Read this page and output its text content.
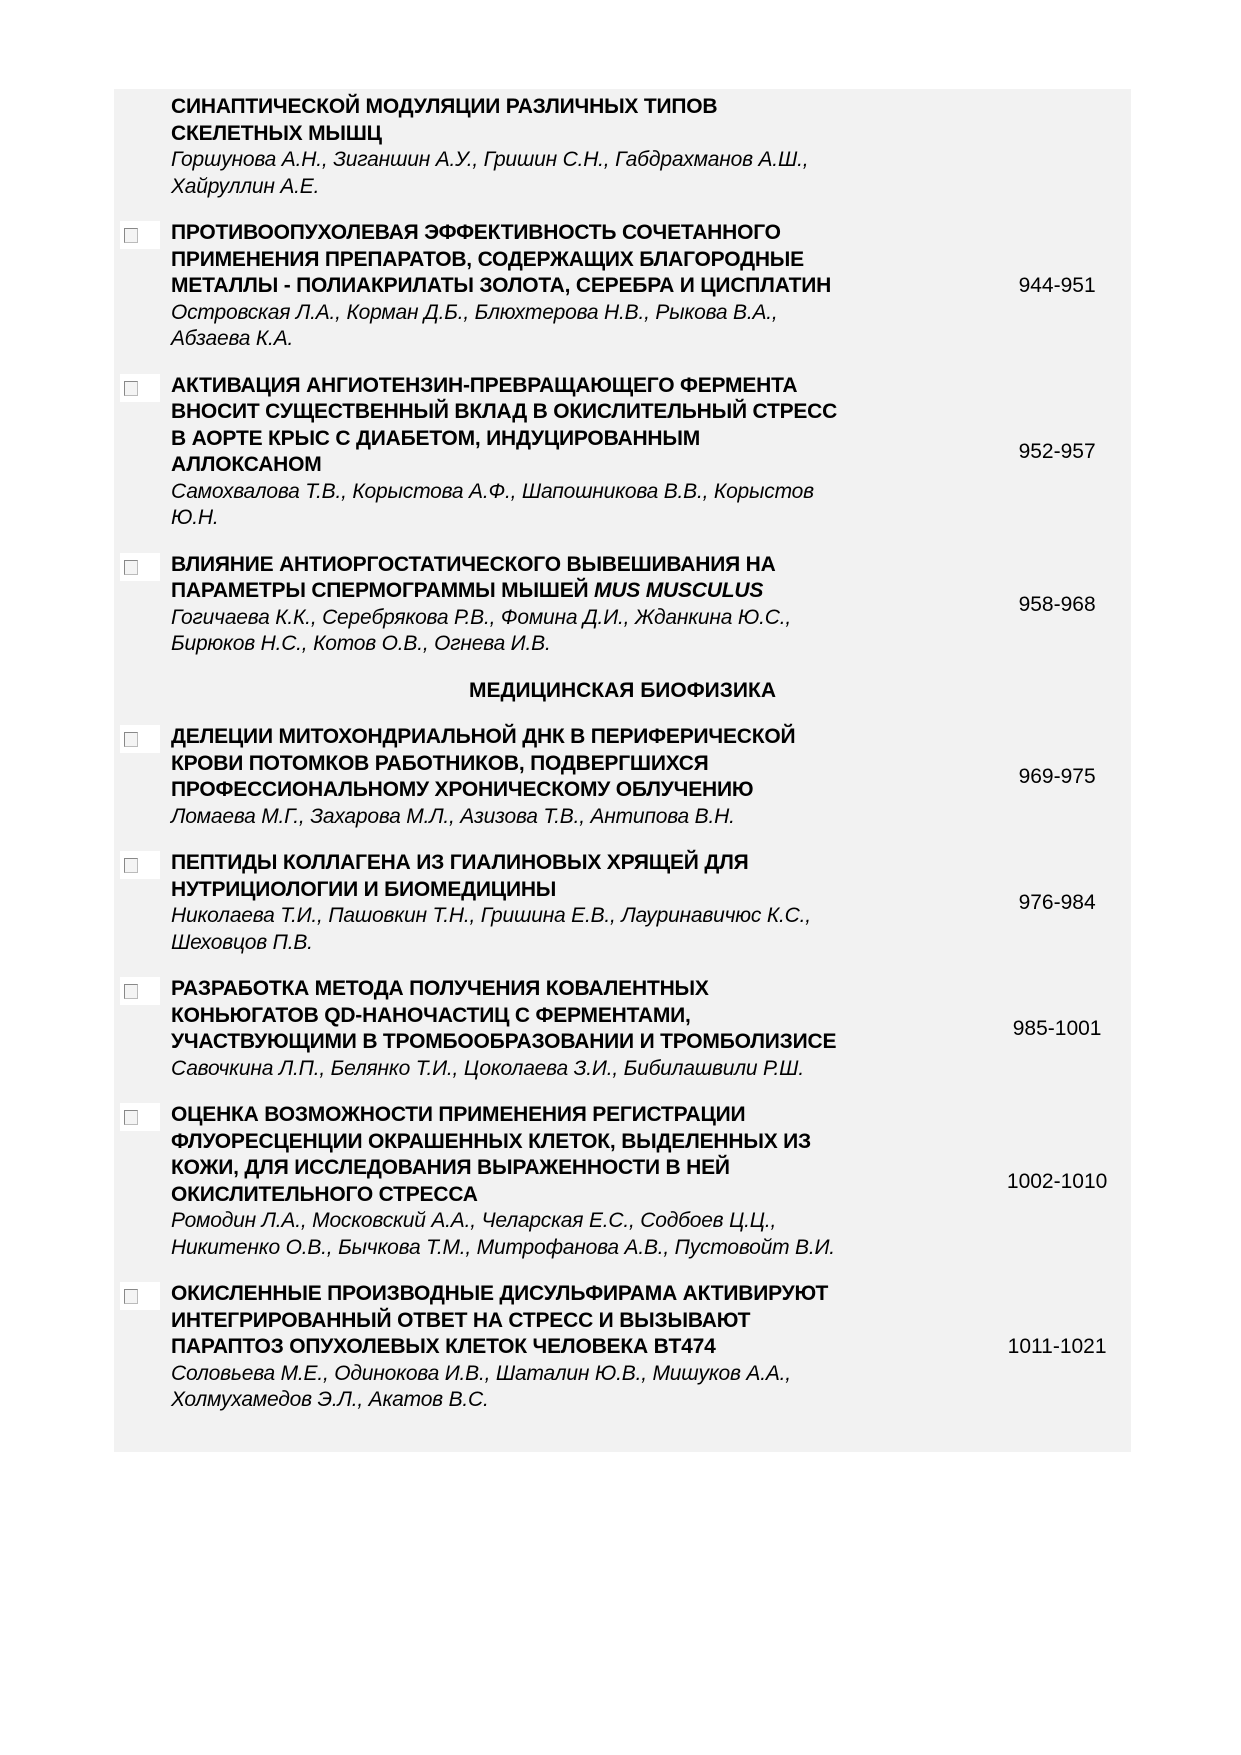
СИНАПТИЧЕСКОЙ МОДУЛЯЦИИ РАЗЛИЧНЫХ ТИПОВ
СКЕЛЕТНЫХ МЫШЦ
Горшунова А.Н., Зиганшин А.У., Гришин С.Н., Габдрахманов А.Ш.,
Хайруллин А.Е.
ПРОТИВООПУХОЛЕВАЯ ЭФФЕКТИВНОСТЬ СОЧЕТАННОГО
ПРИМЕНЕНИЯ ПРЕПАРАТОВ, СОДЕРЖАЩИХ БЛАГОРОДНЫЕ
МЕТАЛЛЫ - ПОЛИАКРИЛАТЫ ЗОЛОТА, СЕРЕБРА И ЦИСПЛАТИН
Островская Л.А., Корман Д.Б., Блюхтерова Н.В., Рыкова В.А.,
Абзаева К.А.
944-951
АКТИВАЦИЯ АНГИОТЕНЗИН-ПРЕВРАЩАЮЩЕГО ФЕРМЕНТА
ВНОСИТ СУЩЕСТВЕННЫЙ ВКЛАД В ОКИСЛИТЕЛЬНЫЙ СТРЕСС
В АОРТЕ КРЫС С ДИАБЕТОМ, ИНДУЦИРОВАННЫМ
АЛЛОКСАНОМ
Самохвалова Т.В., Корыстова А.Ф., Шапошникова В.В., Корыстов
Ю.Н.
952-957
ВЛИЯНИЕ АНТИОРГОСТАТИЧЕСКОГО ВЫВЕШИВАНИЯ НА
ПАРАМЕТРЫ СПЕРМОГРАММЫ МЫШЕЙ MUS MUSCULUS
Гогичаева К.К., Серебрякова Р.В., Фомина Д.И., Жданкина Ю.С.,
Бирюков Н.С., Котов О.В., Огнева И.В.
958-968
МЕДИЦИНСКАЯ БИОФИЗИКА
ДЕЛЕЦИИ МИТОХОНДРИАЛЬНОЙ ДНК В ПЕРИФЕРИЧЕСКОЙ
КРОВИ ПОТОМКОВ РАБОТНИКОВ, ПОДВЕРГШИХСЯ
ПРОФЕССИОНАЛЬНОМУ ХРОНИЧЕСКОМУ ОБЛУЧЕНИЮ
Ломаева М.Г., Захарова М.Л., Азизова Т.В., Антипова В.Н.
969-975
ПЕПТИДЫ КОЛЛАГЕНА ИЗ ГИАЛИНОВЫХ ХРЯЩЕЙ ДЛЯ
НУТРИЦИОЛОГИИ И БИОМЕДИЦИНЫ
Николаева Т.И., Пашовкин Т.Н., Гришина Е.В., Лауринавичюс К.С.,
Шеховцов П.В.
976-984
РАЗРАБОТКА МЕТОДА ПОЛУЧЕНИЯ КОВАЛЕНТНЫХ
КОНЬЮГАТОВ QD-НАНОЧАСТИЦ С ФЕРМЕНТАМИ,
УЧАСТВУЮЩИМИ В ТРОМБООБРАЗОВАНИИ И ТРОМБОЛИЗИСЕ
Савочкина Л.П., Белянко Т.И., Цоколаева З.И., Бибилашвили Р.Ш.
985-1001
ОЦЕНКА ВОЗМОЖНОСТИ ПРИМЕНЕНИЯ РЕГИСТРАЦИИ
ФЛУОРЕСЦЕНЦИИ ОКРАШЕННЫХ КЛЕТОК, ВЫДЕЛЕННЫХ ИЗ
КОЖИ, ДЛЯ ИССЛЕДОВАНИЯ ВЫРАЖЕННОСТИ В НЕЙ
ОКИСЛИТЕЛЬНОГО СТРЕССА
Ромодин Л.А., Московский А.А., Челарская Е.С., Содбоев Ц.Ц.,
Никитенко О.В., Бычкова Т.М., Митрофанова А.В., Пустовойт В.И.
1002-1010
ОКИСЛЕННЫЕ ПРОИЗВОДНЫЕ ДИСУЛЬФИРАМА АКТИВИРУЮТ
ИНТЕГРИРОВАННЫЙ ОТВЕТ НА СТРЕСС И ВЫЗЫВАЮТ
ПАРАПТОЗ ОПУХОЛЕВЫХ КЛЕТОК ЧЕЛОВЕКА BT474
Соловьева М.Е., Одинокова И.В., Шаталин Ю.В., Мишуков А.А.,
Холмухамедов Э.Л., Акатов В.С.
1011-1021
